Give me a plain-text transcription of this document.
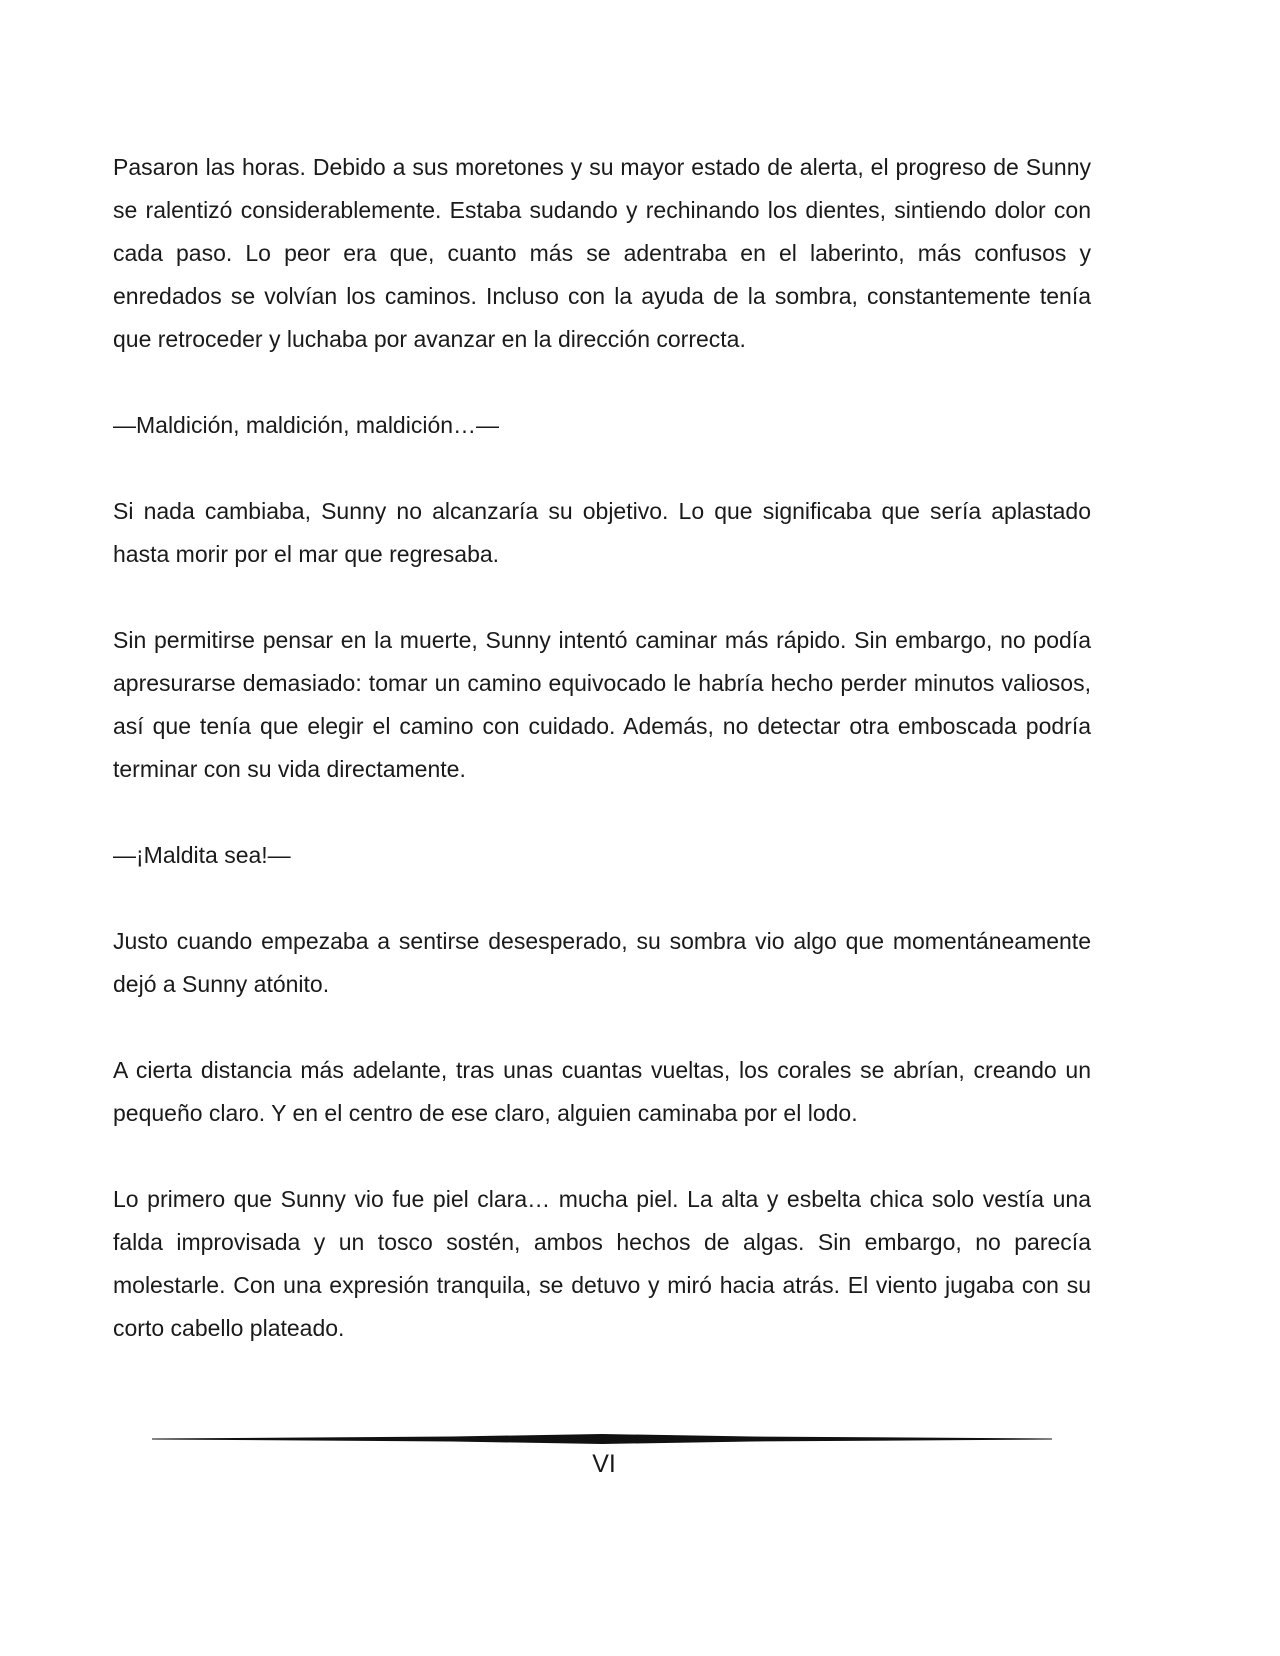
Pasaron las horas. Debido a sus moretones y su mayor estado de alerta, el progreso de Sunny se ralentizó considerablemente. Estaba sudando y rechinando los dientes, sintiendo dolor con cada paso. Lo peor era que, cuanto más se adentraba en el laberinto, más confusos y enredados se volvían los caminos. Incluso con la ayuda de la sombra, constantemente tenía que retroceder y luchaba por avanzar en la dirección correcta.

—Maldición, maldición, maldición…—

Si nada cambiaba, Sunny no alcanzaría su objetivo. Lo que significaba que sería aplastado hasta morir por el mar que regresaba.

Sin permitirse pensar en la muerte, Sunny intentó caminar más rápido. Sin embargo, no podía apresurarse demasiado: tomar un camino equivocado le habría hecho perder minutos valiosos, así que tenía que elegir el camino con cuidado. Además, no detectar otra emboscada podría terminar con su vida directamente.

—¡Maldita sea!—

Justo cuando empezaba a sentirse desesperado, su sombra vio algo que momentáneamente dejó a Sunny atónito.

A cierta distancia más adelante, tras unas cuantas vueltas, los corales se abrían, creando un pequeño claro. Y en el centro de ese claro, alguien caminaba por el lodo.

Lo primero que Sunny vio fue piel clara… mucha piel. La alta y esbelta chica solo vestía una falda improvisada y un tosco sostén, ambos hechos de algas. Sin embargo, no parecía molestarle. Con una expresión tranquila, se detuvo y miró hacia atrás. El viento jugaba con su corto cabello plateado.

VI
